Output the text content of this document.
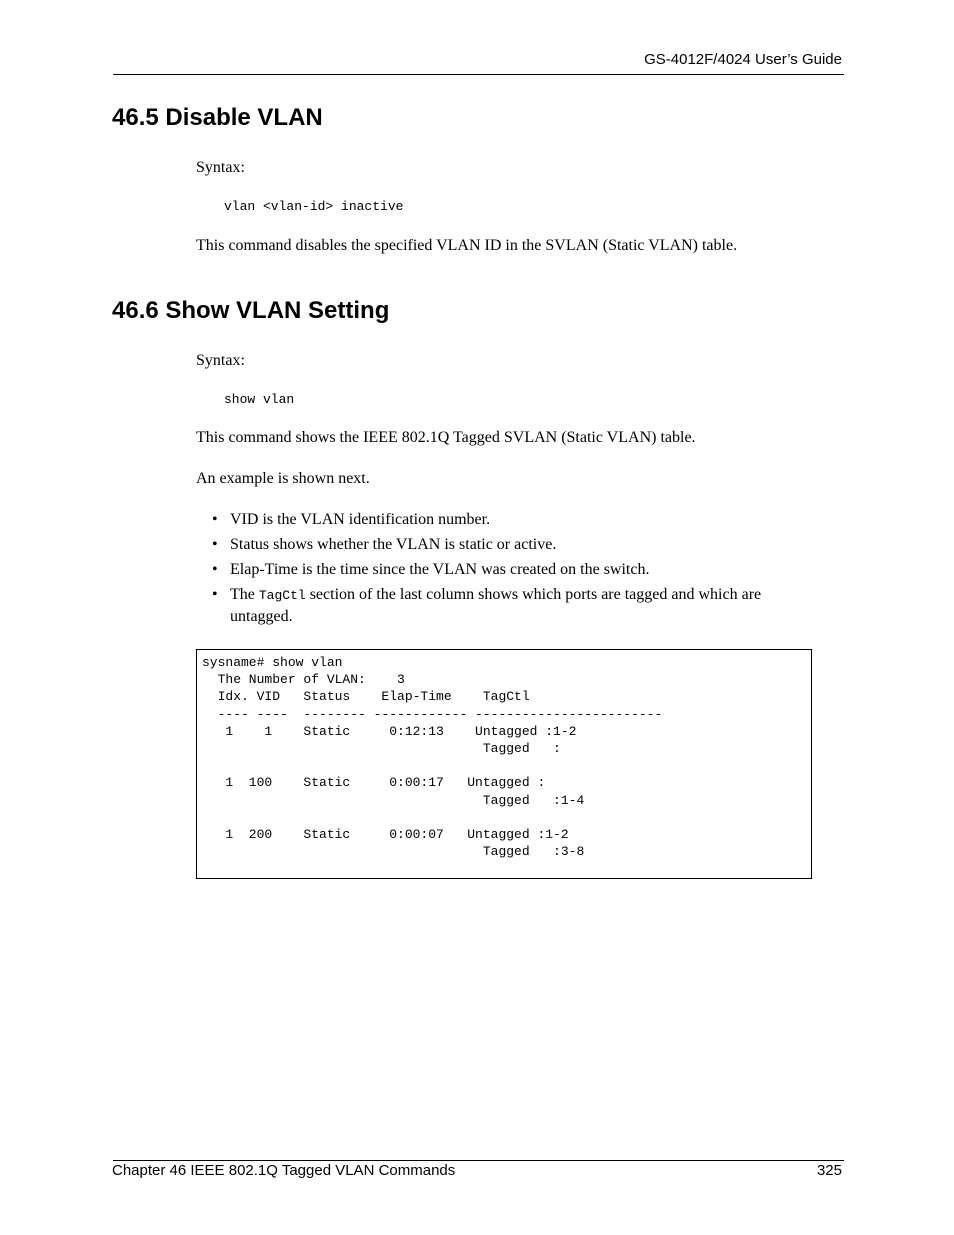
GS-4012F/4024 User’s Guide
46.5 Disable VLAN

Syntax:

vlan <vlan-id> inactive

This command disables the specified VLAN ID in the SVLAN (Static VLAN) table.

46.6 Show VLAN Setting

Syntax:

show vlan

This command shows the IEEE 802.1Q Tagged SVLAN (Static VLAN) table.

An example is shown next.

• VID is the VLAN identification number.
• Status shows whether the VLAN is static or active.
• Elap-Time is the time since the VLAN was created on the switch.
• The TagCtl section of the last column shows which ports are tagged and which are untagged.
sysname# show vlan
The Number of VLAN:    3
Idx. VID   Status    Elap-Time    TagCtl
---- ----  -------- ------------ ------------------------
1    1    Static     0:12:13    Untagged :1-2
Tagged   :

1  100    Static     0:00:17   Untagged :
Tagged   :1-4

1  200    Static     0:00:07   Untagged :1-2
Tagged   :3-8
Chapter 46 IEEE 802.1Q Tagged VLAN Commands	325
